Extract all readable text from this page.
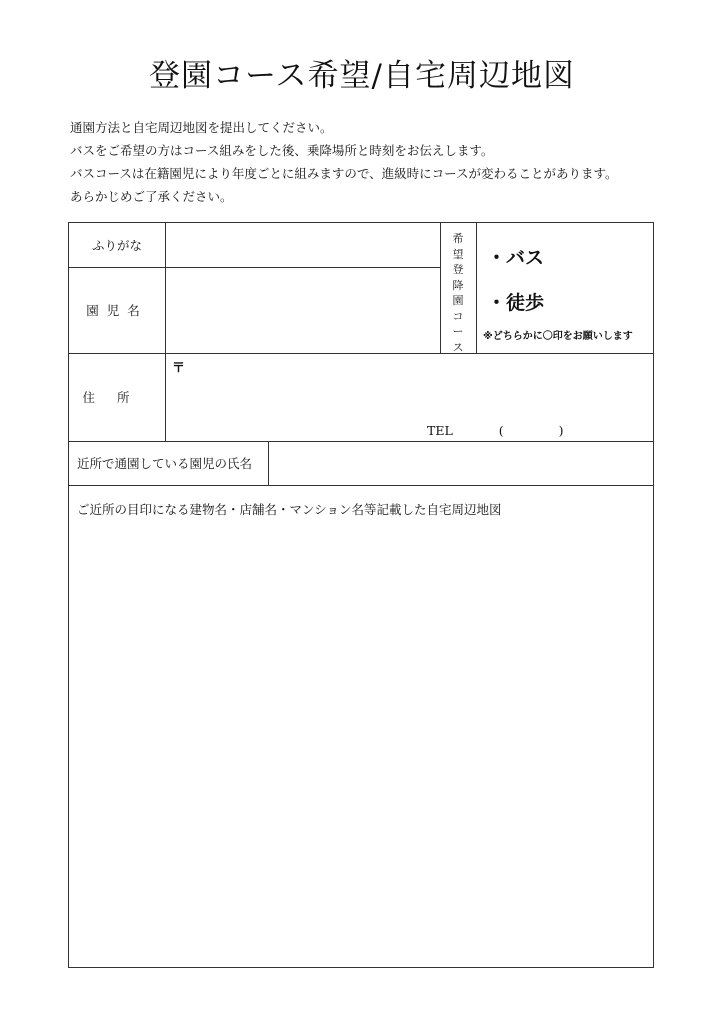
登園コース希望/自宅周辺地図
通園方法と自宅周辺地図を提出してください。
バスをご希望の方はコース組みをした後、乗降場所と時刻をお伝えします。
バスコースは在籍園児により年度ごとに組みますので、進級時にコースが変わることがあります。
あらかじめご了承ください。
ふりがな
園児名
希
望
登
降
園
コ
ー
ス
・バス
・徒歩
※どちらかに〇印をお願いします
住所
〒
TEL	(	)
近所で通園している園児の氏名
ご近所の目印になる建物名・店舗名・マンション名等記載した自宅周辺地図
